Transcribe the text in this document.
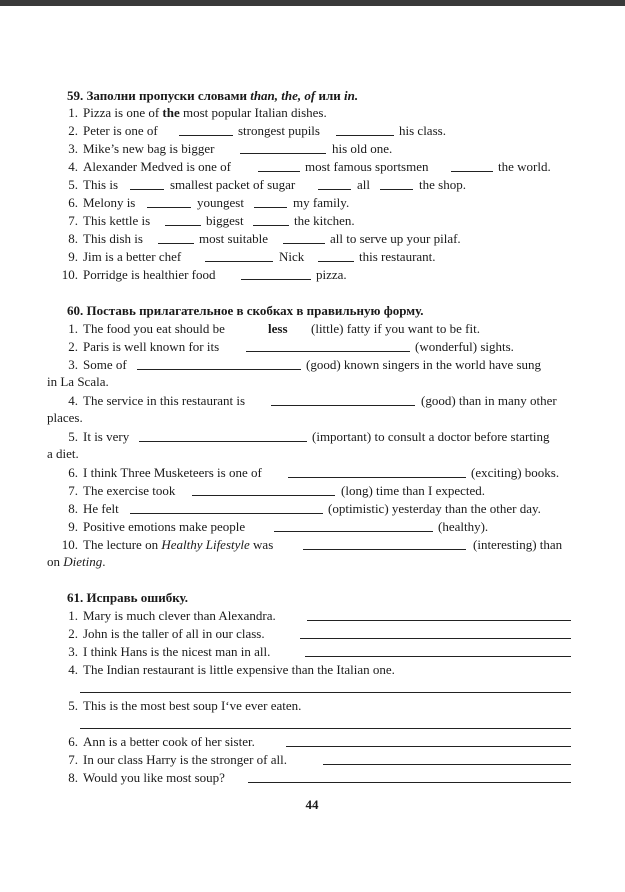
59. Заполни пропуски словами than, the, of или in.
1. Pizza is one of the most popular Italian dishes.
2. Peter is one of	strongest pupils	his class.
3. Mike’s new bag is bigger	his old one.
4. Alexander Medved is one of	most famous sportsmen	the world.
5. This is	smallest packet of sugar	all	the shop.
6. Melony is	youngest	my family.
7. This kettle is	biggest	the kitchen.
8. This dish is	most suitable	all to serve up your pilaf.
9. Jim is a better chef	Nick	this restaurant.
10. Porridge is healthier food	pizza.
60. Поставь прилагательное в скобках в правильную форму.
1. The food you eat should be	less (little) fatty if you want to be fit.
2. Paris is well known for its	(wonderful) sights.
3. Some of	(good) known singers in the world have sung
in La Scala.
4. The service in this restaurant is	(good) than in many other
places.
5. It is very	(important) to consult a doctor before starting
a diet.
6. I think Three Musketeers is one of	(exciting) books.
7. The exercise took	(long) time than I expected.
8. He felt	(optimistic) yesterday than the other day.
9. Positive emotions make people	(healthy).
10. The lecture on Healthy Lifestyle was	(interesting) than
on Dieting.
61. Исправь ошибку.
1. Mary is much clever than Alexandra.
2. John is the taller of all in our class.
3. I think Hans is the nicest man in all.
4. The Indian restaurant is little expensive than the Italian one.
5. This is the most best soup I‘ve ever eaten.
6. Ann is a better cook of her sister.
7. In our class Harry is the stronger of all.
8. Would you like most soup?
44
